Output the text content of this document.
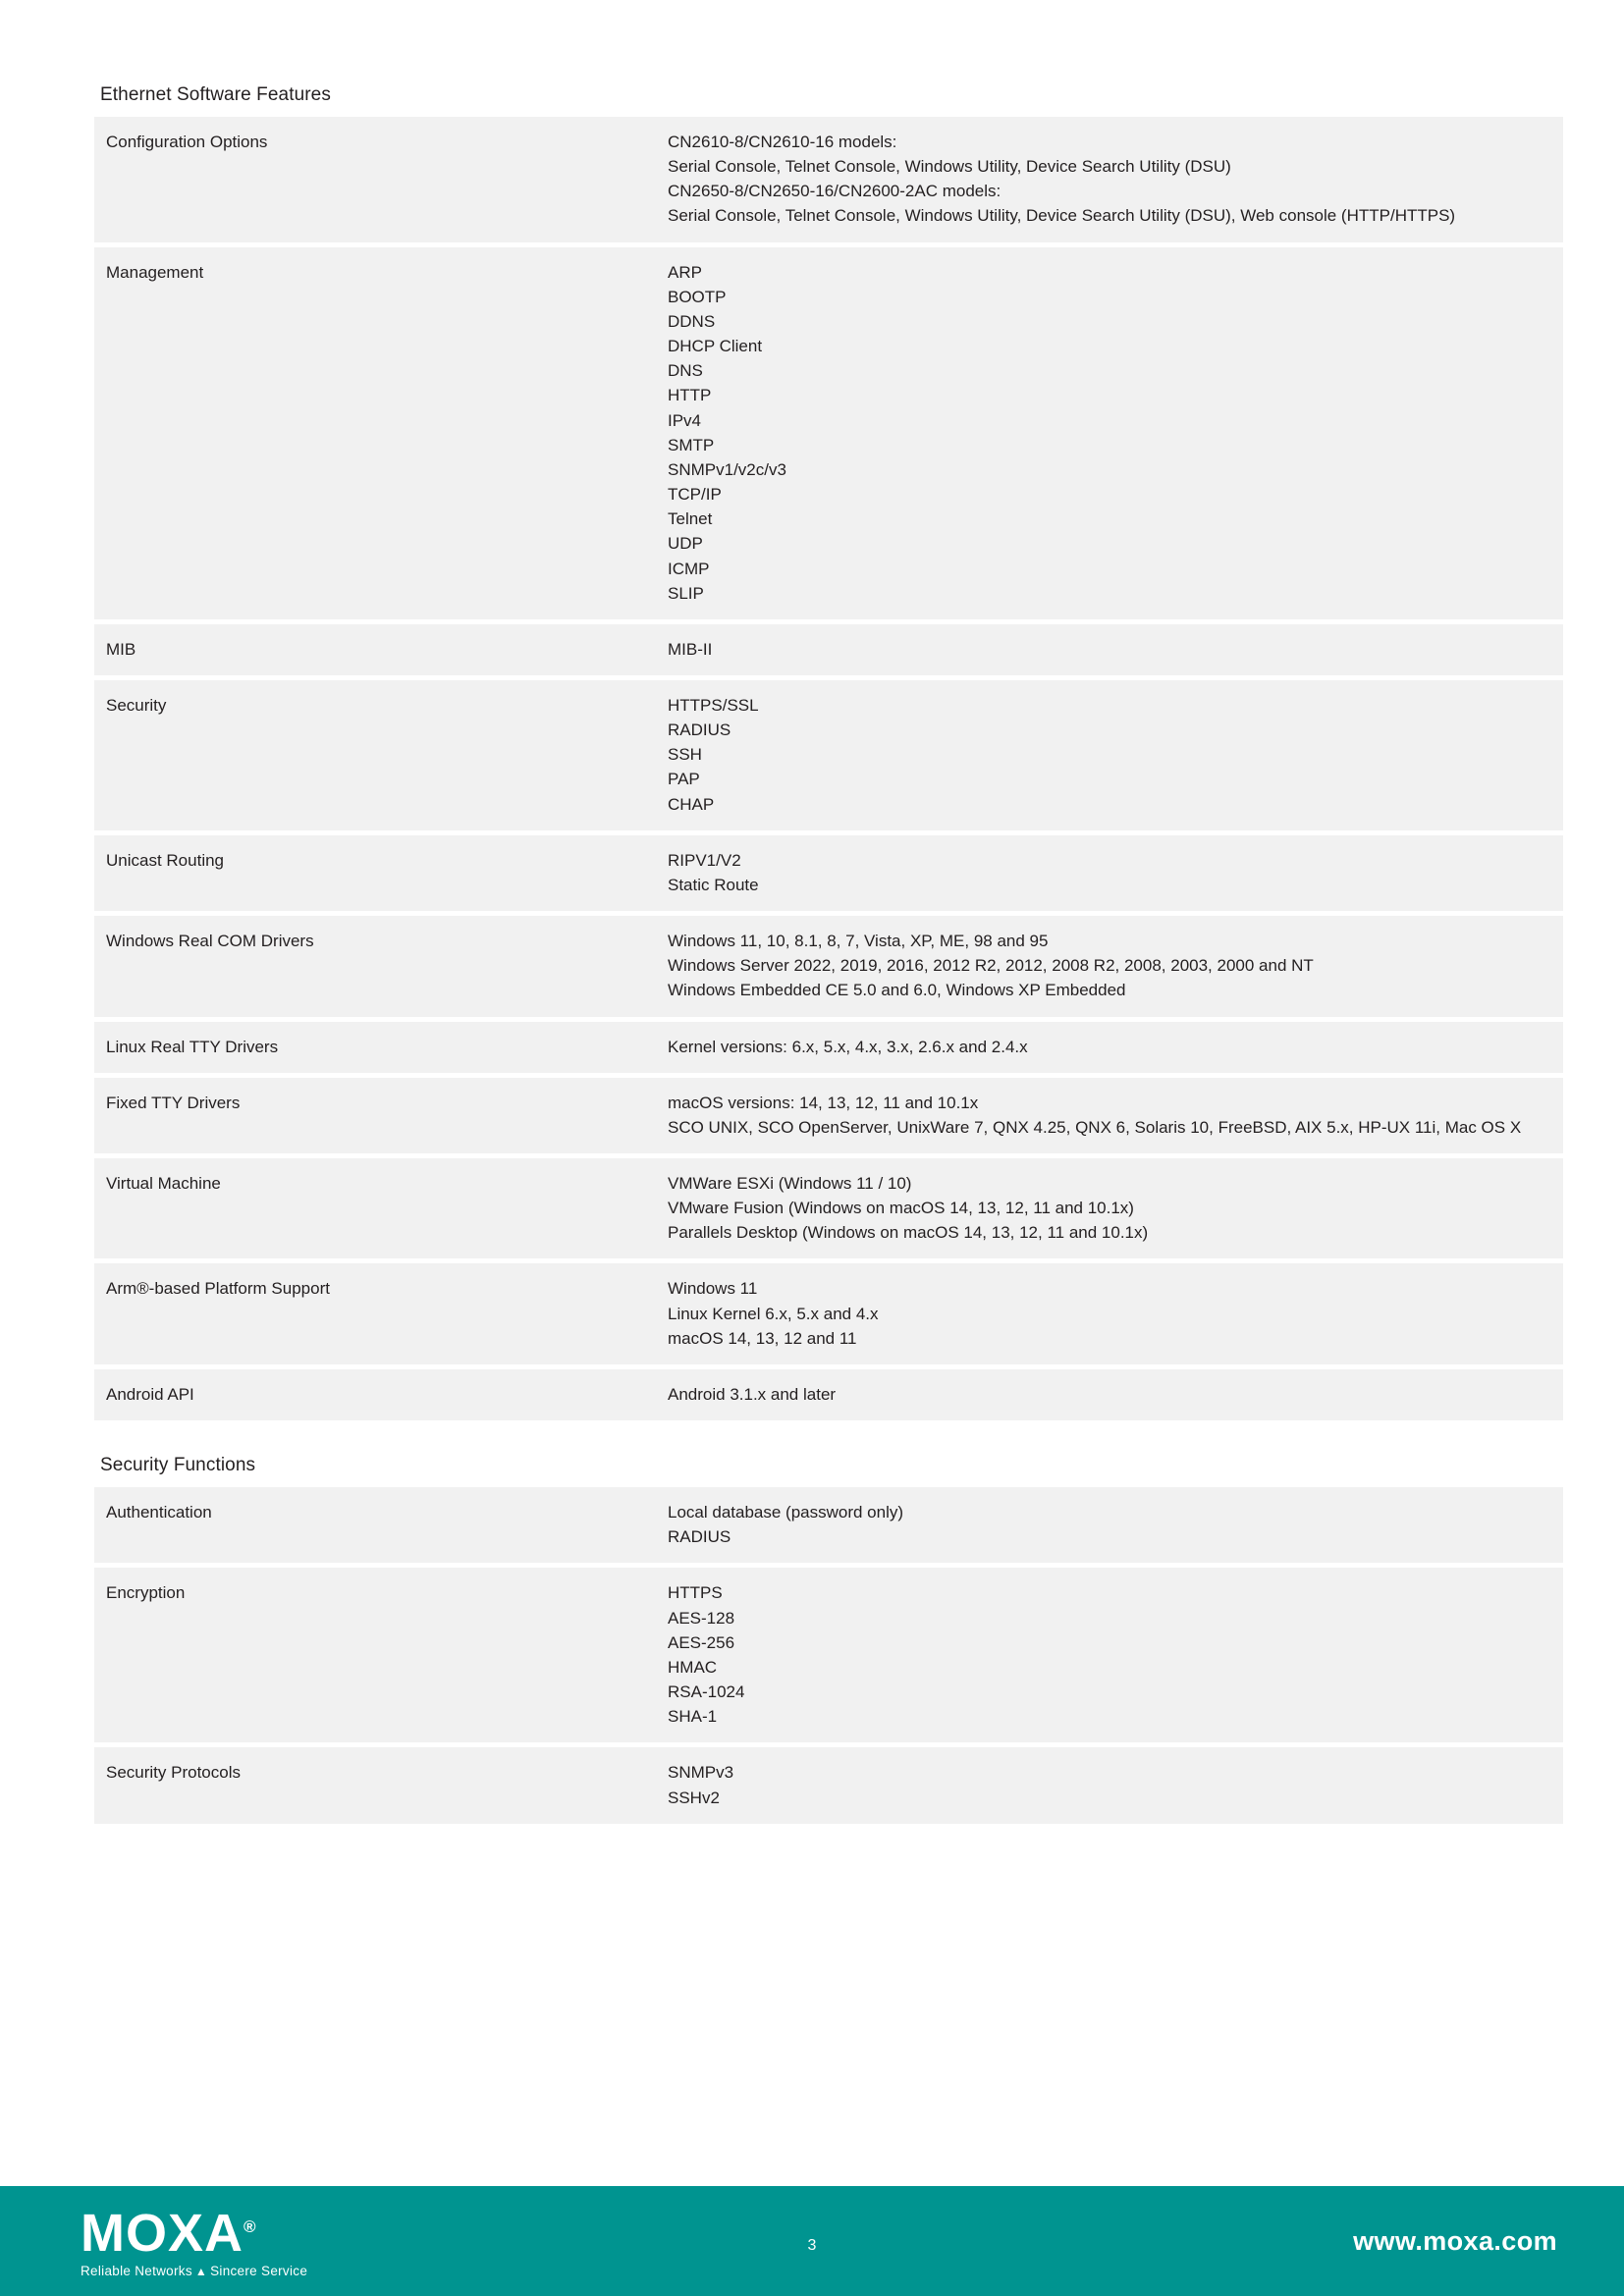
Ethernet Software Features
Configuration Options	CN2610-8/CN2610-16 models:
Serial Console, Telnet Console, Windows Utility, Device Search Utility (DSU)
CN2650-8/CN2650-16/CN2600-2AC models:
Serial Console, Telnet Console, Windows Utility, Device Search Utility (DSU), Web console (HTTP/HTTPS)

Management	ARP
BOOTP
DDNS
DHCP Client
DNS
HTTP
IPv4
SMTP
SNMPv1/v2c/v3
TCP/IP
Telnet
UDP
ICMP
SLIP

MIB	MIB-II

Security	HTTPS/SSL
RADIUS
SSH
PAP
CHAP

Unicast Routing	RIPV1/V2
Static Route

Windows Real COM Drivers	Windows 11, 10, 8.1, 8, 7, Vista, XP, ME, 98 and 95
Windows Server 2022, 2019, 2016, 2012 R2, 2012, 2008 R2, 2008, 2003, 2000 and NT
Windows Embedded CE 5.0 and 6.0, Windows XP Embedded

Linux Real TTY Drivers	Kernel versions: 6.x, 5.x, 4.x, 3.x, 2.6.x and 2.4.x

Fixed TTY Drivers	macOS versions: 14, 13, 12, 11 and 10.1x
SCO UNIX, SCO OpenServer, UnixWare 7, QNX 4.25, QNX 6, Solaris 10, FreeBSD, AIX 5.x, HP-UX 11i, Mac OS X

Virtual Machine	VMWare ESXi (Windows 11 / 10)
VMware Fusion (Windows on macOS 14, 13, 12, 11 and 10.1x)
Parallels Desktop (Windows on macOS 14, 13, 12, 11 and 10.1x)

Arm®-based Platform Support	Windows 11
Linux Kernel 6.x, 5.x and 4.x
macOS 14, 13, 12 and 11

Android API	Android 3.1.x and later
Security Functions
Authentication	Local database (password only)
RADIUS

Encryption	HTTPS
AES-128
AES-256
HMAC
RSA-1024
SHA-1

Security Protocols	SNMPv3
SSHv2
MOXA®
Reliable Networks ▲ Sincere Service
3	www.moxa.com
